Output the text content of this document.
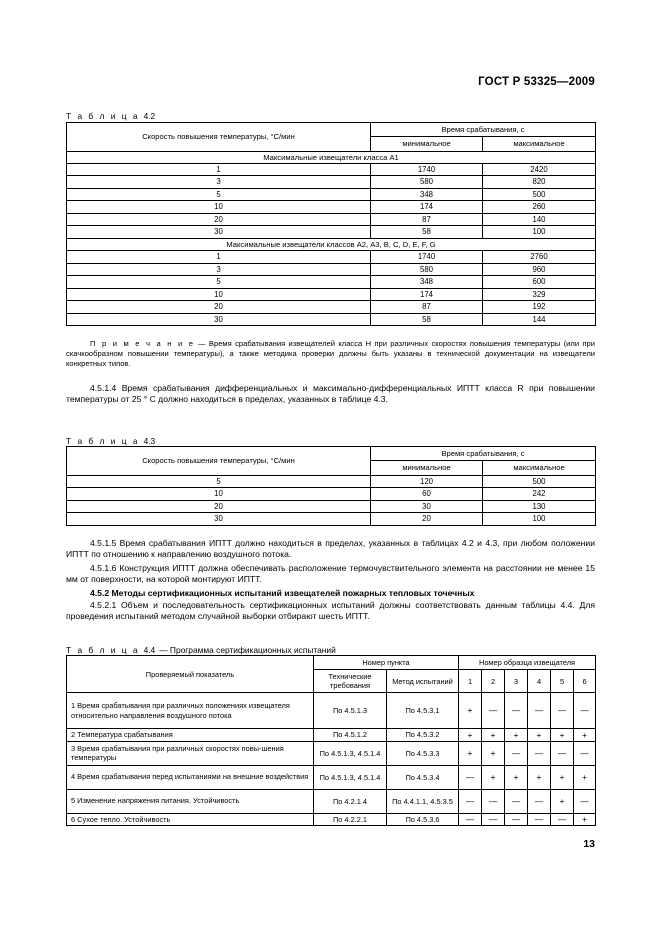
ГОСТ Р 53325—2009
Т а б л и ц а 4.2
Скорость повышения температуры, °С/мин	Время срабатывания, с	
	минимальное	максимальное
Максимальные извещатели класса А1		
1	1740	2420
3	580	820
5	348	500
10	174	260
20	87	140
30	58	100
Максимальные извещатели классов А2, А3, В, С, D, Е, F, G		
1	1740	2760
3	580	960
5	348	600
10	174	329
20	87	192
30	58	144

П р и м е ч а н и е — Время срабатывания извещателей класса Н при различных скоростях повышения температуры (или при скачкообразном повышении температуры), а также методика проверки должны быть указаны в технической документации на извещатели конкретных типов.

4.5.1.4 Время срабатывания дифференциальных и максимально-дифференциальных ИПТТ класса R при повышении температуры от 25 ° С должно находиться в пределах, указанных в таблице 4.3.

Т а б л и ц а 4.3
Скорость повышения температуры, °С/мин	Время срабатывания, с	
	минимальное	максимальное
5	120	500
10	60	242
20	30	130
30	20	100

4.5.1.5 Время срабатывания ИПТТ должно находиться в пределах, указанных в таблицах 4.2 и 4.3, при любом положении ИПТТ по отношению к направлению воздушного потока.

4.5.1.6 Конструкция ИПТТ должна обеспечивать расположение термочувствительного элемента на расстоянии не менее 15 мм от поверхности, на которой монтируют ИПТТ.

4.5.2 Методы сертификационных испытаний извещателей пожарных тепловых точечных

4.5.2.1 Объем и последовательность сертификационных испытаний должны соответствовать данным таблицы 4.4. Для проведения испытаний методом случайной выборки отбирают шесть ИПТТ.

Т а б л и ц а 4.4 — Программа сертификационных испытаний
Проверяемый показатель	Номер пункта		Номер образца извещателя					
	Технические требования	Метод испытаний	1	2	3	4	5	6
1 Время срабатывания при различных положениях извещателя относительно направления воздушного потока	По 4.5.1.3	По 4.5.3.1	+	—	—	—	—	—
2 Температура срабатывания	По 4.5.1.2	По 4.5.3.2	+	+	+	+	+	+
3 Время срабатывания при различных скоростях повы-шения температуры	По 4.5.1.3, 4.5.1.4	По 4.5.3.3	+	+	—	—	—	—
4 Время срабатывания перед испытаниями на внешние воздействия	По 4.5.1.3, 4.5.1.4	По 4.5.3.4	—	+	+	+	+	+
5 Изменение напряжения питания. Устойчивость	По 4.2.1.4	По 4.4.1.1, 4.5.3.5	—	—	—	—	+	—
6 Сухое тепло. Устойчивость	По 4.2.2.1	По 4.5.3.6	—	—	—	—	—	+
13
